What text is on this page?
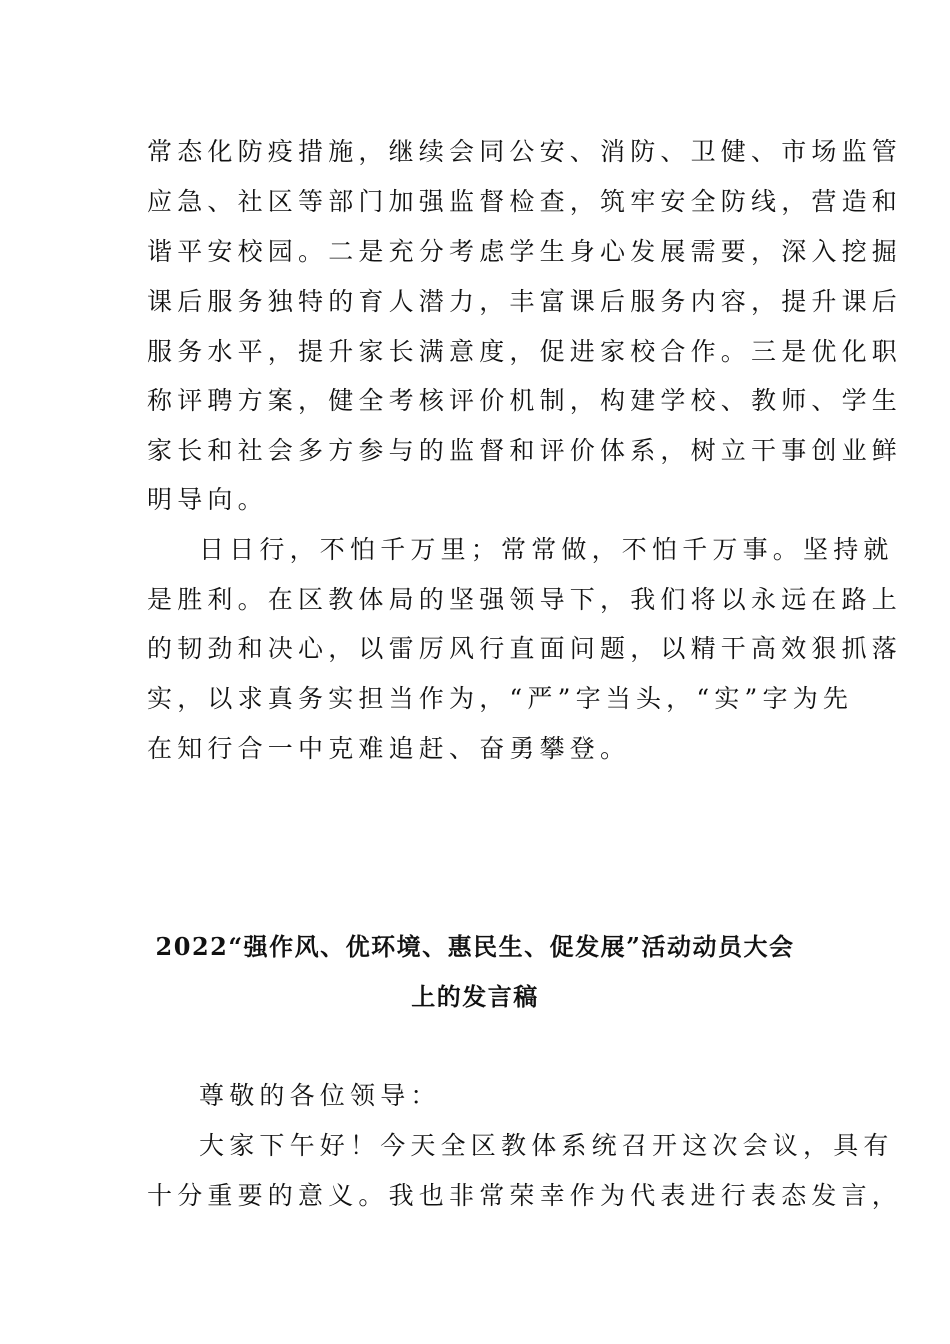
常态化防疫措施，继续会同公安、消防、卫健、市场监管
应急、社区等部门加强监督检查，筑牢安全防线，营造和
谐平安校园。二是充分考虑学生身心发展需要，深入挖掘
课后服务独特的育人潜力，丰富课后服务内容，提升课后
服务水平，提升家长满意度，促进家校合作。三是优化职
称评聘方案，健全考核评价机制，构建学校、教师、学生
家长和社会多方参与的监督和评价体系，树立干事创业鲜
明导向。
日日行，不怕千万里；常常做，不怕千万事。坚持就
是胜利。在区教体局的坚强领导下，我们将以永远在路上
的韧劲和决心，以雷厉风行直面问题，以精干高效狠抓落
实，以求真务实担当作为，“严”字当头，“实”字为先
在知行合一中克难追赶、奋勇攀登。
2022“强作风、优环境、惠民生、促发展”活动动员大会
上的发言稿
尊敬的各位领导：
大家下午好！今天全区教体系统召开这次会议，具有
十分重要的意义。我也非常荣幸作为代表进行表态发言，
